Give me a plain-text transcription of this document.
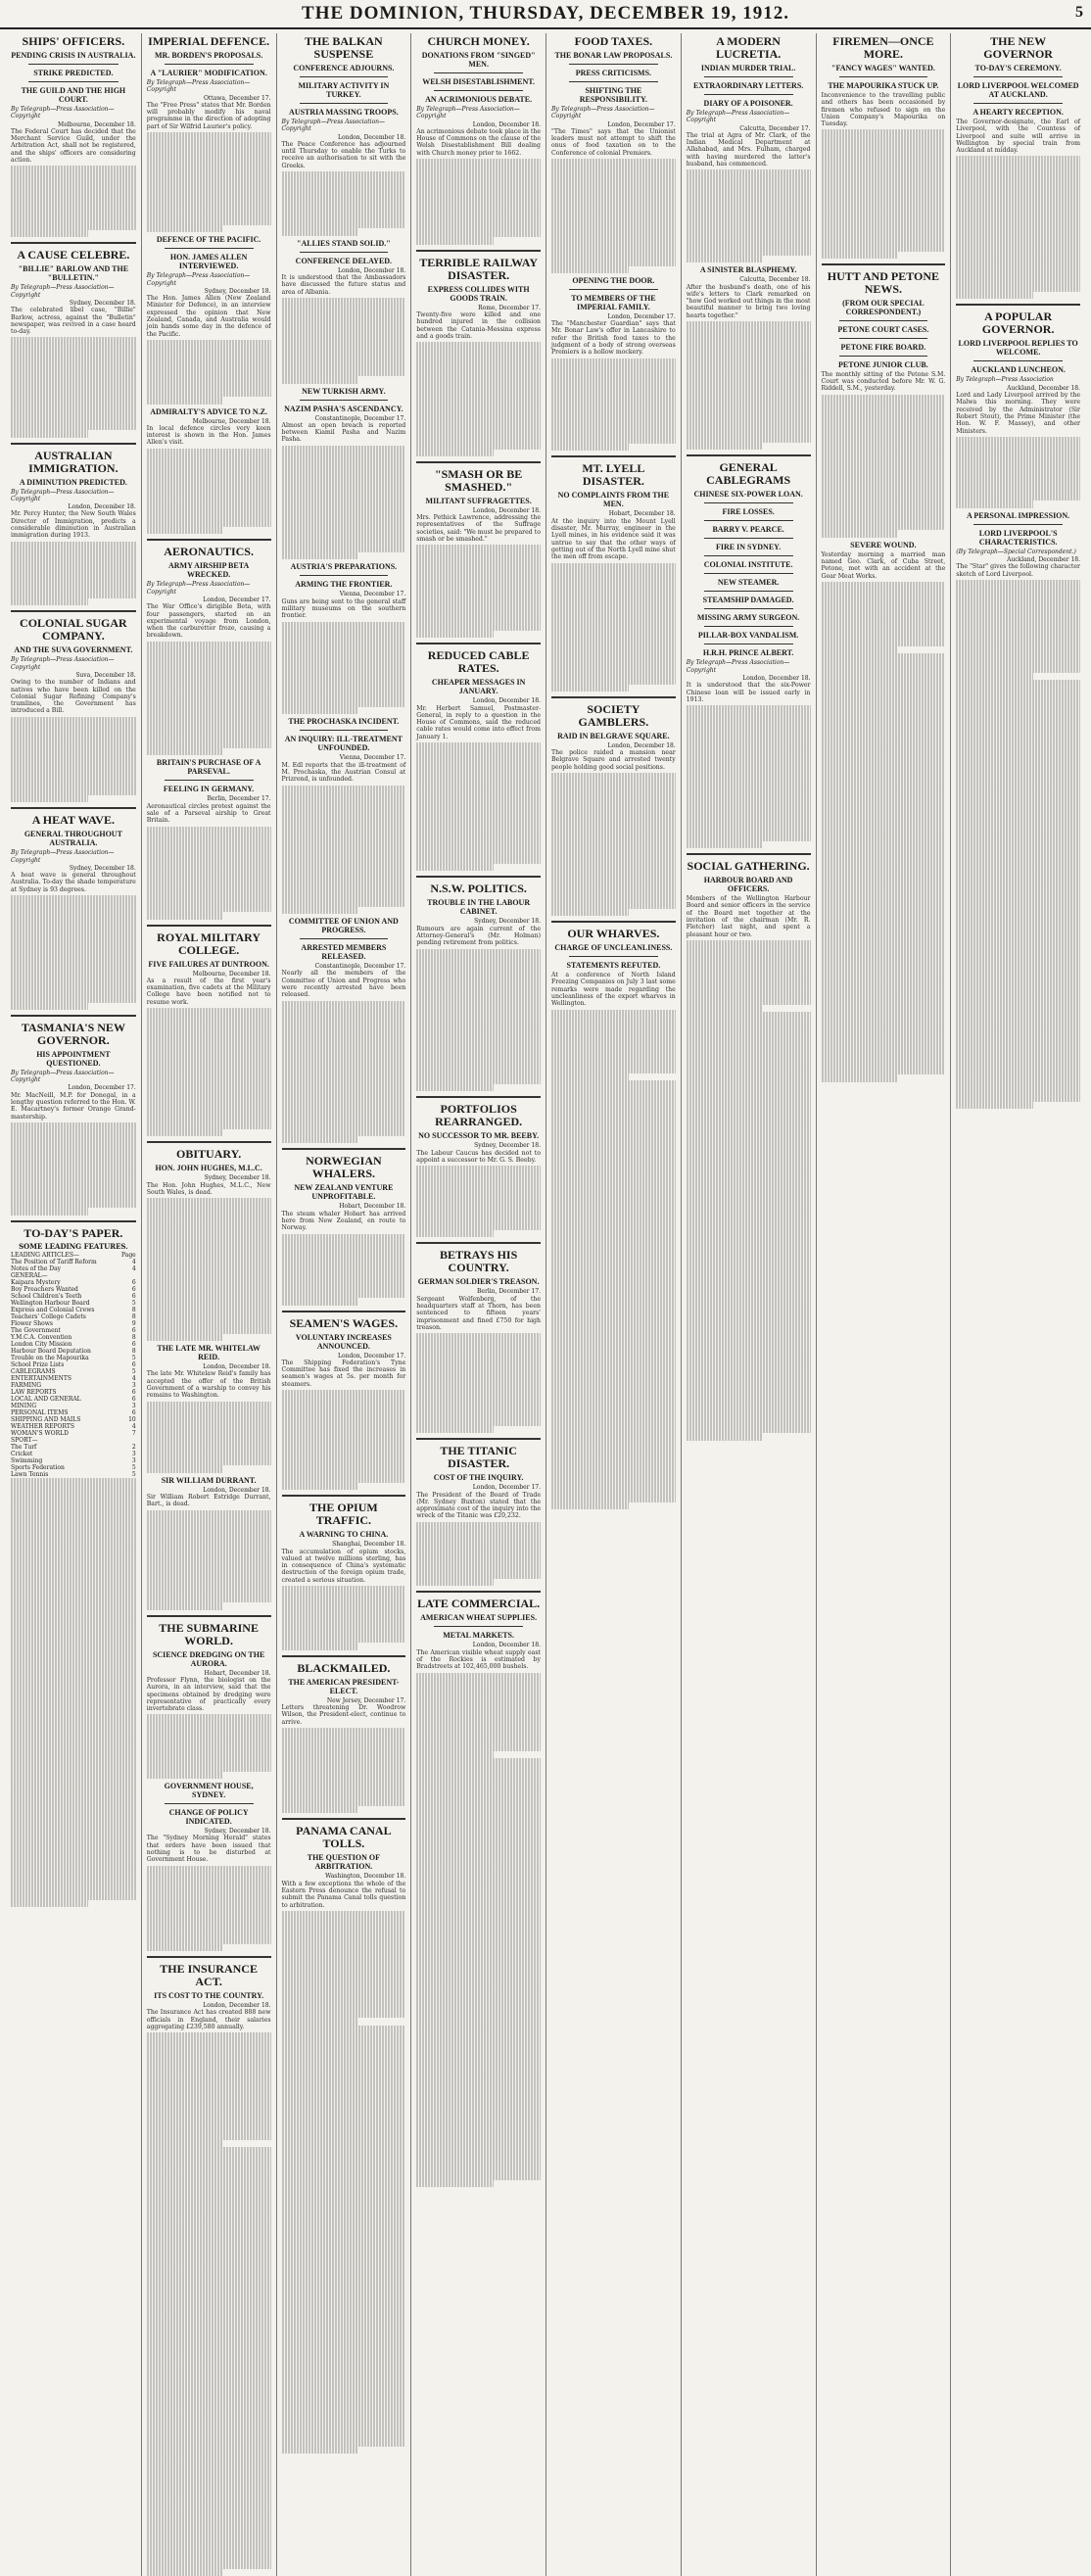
THE DOMINION, THURSDAY, DECEMBER 19, 1912.	5
SHIPS' OFFICERS.
PENDING CRISIS IN AUSTRALIA.
STRIKE PREDICTED.
THE GUILD AND THE HIGH COURT.
By Telegraph—Press Association—Copyright
Melbourne, December 18.

The Federal Court has decided that the Merchant Service Guild, under the Arbitration Act, shall not be registered, and the ships' officers are considering action.

A CAUSE CELEBRE.
"BILLIE" BARLOW AND THE "BULLETIN."
By Telegraph—Press Association—Copyright
Sydney, December 18.

The celebrated libel case, "Billie" Barlow, actress, against the "Bulletin" newspaper, was revived in a case heard to-day.

AUSTRALIAN IMMIGRATION.
A DIMINUTION PREDICTED.
By Telegraph—Press Association—Copyright
London, December 18.

Mr. Percy Hunter, the New South Wales Director of Immigration, predicts a considerable diminution in Australian immigration during 1913.

COLONIAL SUGAR COMPANY.
AND THE SUVA GOVERNMENT.
By Telegraph—Press Association—Copyright
Suva, December 18.

Owing to the number of Indians and natives who have been killed on the Colonial Sugar Refining Company's tramlines, the Government has introduced a Bill.

A HEAT WAVE.
GENERAL THROUGHOUT AUSTRALIA.
By Telegraph—Press Association—Copyright
Sydney, December 18.

A heat wave is general throughout Australia. To-day the shade temperature at Sydney is 93 degrees.

TASMANIA'S NEW GOVERNOR.
HIS APPOINTMENT QUESTIONED.
By Telegraph—Press Association—Copyright
London, December 17.

Mr. MacNeill, M.P. for Donegal, in a lengthy question referred to the Hon. W. E. Macartney's former Orange Grand-mastership.

TO-DAY'S PAPER.
SOME LEADING FEATURES.
LEADING ARTICLES—	Page
The Position of Tariff Reform	4
Notes of the Day	4
GENERAL—
Kaipara Mystery	6
Boy Preachers Wanted	6
School Children's Teeth	6
Wellington Harbour Board	5
Express and Colonial Crews	8
Teachers' College Cadets	8
Flower Shows	9
The Government	6
Y.M.C.A. Convention	8
London City Mission	6
Harbour Board Deputation	8
Trouble on the Mapourika	5
School Prize Lists	6
CABLEGRAMS	5
ENTERTAINMENTS	4
FARMING	3
LAW REPORTS	6
LOCAL AND GENERAL	6
MINING	3
PERSONAL ITEMS	6
SHIPPING AND MAILS	10
WEATHER REPORTS	4
WOMAN'S WORLD	7
SPORT—
The Turf	2
Cricket	3
Swimming	3
Sports Federation	5
Lawn Tennis	5
IMPERIAL DEFENCE.
MR. BORDEN'S PROPOSALS.
A "LAURIER" MODIFICATION.
By Telegraph—Press Association—Copyright
Ottawa, December 17.

The "Free Press" states that Mr. Borden will probably modify his naval programme in the direction of adopting part of Sir Wilfrid Laurier's policy.

DEFENCE OF THE PACIFIC.
HON. JAMES ALLEN INTERVIEWED.
By Telegraph—Press Association—Copyright
Sydney, December 18.

The Hon. James Allen (New Zealand Minister for Defence), in an interview expressed the opinion that New Zealand, Canada, and Australia would join hands some day in the defence of the Pacific.

ADMIRALTY'S ADVICE TO N.Z.
Melbourne, December 18.

In local defence circles very keen interest is shown in the Hon. James Allen's visit.

AERONAUTICS.
ARMY AIRSHIP BETA WRECKED.
By Telegraph—Press Association—Copyright
London, December 17.

The War Office's dirigible Beta, with four passengers, started on an experimental voyage from London, when the carburetter froze, causing a breakdown.

BRITAIN'S PURCHASE OF A PARSEVAL.
FEELING IN GERMANY.
Berlin, December 17.

Aeronautical circles protest against the sale of a Parseval airship to Great Britain.

ROYAL MILITARY COLLEGE.
FIVE FAILURES AT DUNTROON.
Melbourne, December 18.

As a result of the first year's examination, five cadets at the Military College have been notified not to resume work.

OBITUARY.
HON. JOHN HUGHES, M.L.C.
Sydney, December 18.

The Hon. John Hughes, M.L.C., New South Wales, is dead.

THE LATE MR. WHITELAW REID.
London, December 18.

The late Mr. Whitelaw Reid's family has accepted the offer of the British Government of a warship to convey his remains to Washington.

SIR WILLIAM DURRANT.
London, December 18.

Sir William Robert Estridge Durrant, Bart., is dead.

THE SUBMARINE WORLD.
SCIENCE DREDGING ON THE AURORA.
Hobart, December 18.

Professor Flynn, the biologist on the Aurora, in an interview, said that the specimens obtained by dredging were representative of practically every invertebrate class.

GOVERNMENT HOUSE, SYDNEY.
CHANGE OF POLICY INDICATED.
Sydney, December 18.

The "Sydney Morning Herald" states that orders have been issued that nothing is to be disturbed at Government House.

THE INSURANCE ACT.
ITS COST TO THE COUNTRY.
London, December 18.

The Insurance Act has created 888 new officials in England, their salaries aggregating £239,580 annually.

THE BALKAN SUSPENSE
CONFERENCE ADJOURNS.
MILITARY ACTIVITY IN TURKEY.
AUSTRIA MASSING TROOPS.
By Telegraph—Press Association—Copyright
London, December 18.

The Peace Conference has adjourned until Thursday to enable the Turks to receive an authorisation to sit with the Greeks.

"ALLIES STAND SOLID."
CONFERENCE DELAYED.
London, December 18.

It is understood that the Ambassadors have discussed the future status and area of Albania.

NEW TURKISH ARMY.
NAZIM PASHA'S ASCENDANCY.
Constantinople, December 17.

Almost an open breach is reported between Kiamil Pasha and Nazim Pasha.

AUSTRIA'S PREPARATIONS.
ARMING THE FRONTIER.
Vienna, December 17.

Guns are being sent to the general staff military museums on the southern frontier.

THE PROCHASKA INCIDENT.
AN INQUIRY: ILL-TREATMENT UNFOUNDED.
Vienna, December 17.

M. Edl reports that the ill-treatment of M. Prochaska, the Austrian Consul at Prizrend, is unfounded.

COMMITTEE OF UNION AND PROGRESS.
ARRESTED MEMBERS RELEASED.
Constantinople, December 17.

Nearly all the members of the Committee of Union and Progress who were recently arrested have been released.

NORWEGIAN WHALERS.
NEW ZEALAND VENTURE UNPROFITABLE.
Hobart, December 18.

The steam whaler Hobart has arrived here from New Zealand, en route to Norway.

SEAMEN'S WAGES.
VOLUNTARY INCREASES ANNOUNCED.
London, December 17.

The Shipping Federation's Tyne Committee has fixed the increases in seamen's wages at 5s. per month for steamers.

THE OPIUM TRAFFIC.
A WARNING TO CHINA.
Shanghai, December 18.

The accumulation of opium stocks, valued at twelve millions sterling, has in consequence of China's systematic destruction of the foreign opium trade, created a serious situation.

BLACKMAILED.
THE AMERICAN PRESIDENT-ELECT.
New Jersey, December 17.

Letters threatening Dr. Woodrow Wilson, the President-elect, continue to arrive.

PANAMA CANAL TOLLS.
THE QUESTION OF ARBITRATION.
Washington, December 18.

With a few exceptions the whole of the Eastern Press denounce the refusal to submit the Panama Canal tolls question to arbitration.

CHURCH MONEY.
DONATIONS FROM "SINGED" MEN.
WELSH DISESTABLISHMENT.
AN ACRIMONIOUS DEBATE.
By Telegraph—Press Association—Copyright
London, December 18.

An acrimonious debate took place in the House of Commons on the clause of the Welsh Disestablishment Bill dealing with Church money prior to 1662.

TERRIBLE RAILWAY DISASTER.
EXPRESS COLLIDES WITH GOODS TRAIN.
Rome, December 17.

Twenty-five were killed and one hundred injured in the collision between the Catania-Messina express and a goods train.

"SMASH OR BE SMASHED."
MILITANT SUFFRAGETTES.
London, December 18.

Mrs. Pethick Lawrence, addressing the representatives of the Suffrage societies, said: "We must be prepared to smash or be smashed."

REDUCED CABLE RATES.
CHEAPER MESSAGES IN JANUARY.
London, December 18.

Mr. Herbert Samuel, Postmaster-General, in reply to a question in the House of Commons, said the reduced cable rates would come into effect from January 1.

N.S.W. POLITICS.
TROUBLE IN THE LABOUR CABINET.
Sydney, December 18.

Rumours are again current of the Attorney-General's (Mr. Holman) pending retirement from politics.

PORTFOLIOS REARRANGED.
NO SUCCESSOR TO MR. BEEBY.
Sydney, December 18.

The Labour Caucus has decided not to appoint a successor to Mr. G. S. Beeby.

BETRAYS HIS COUNTRY.
GERMAN SOLDIER'S TREASON.
Berlin, December 17.

Sergeant Wolfenberg, of the headquarters staff at Thorn, has been sentenced to fifteen years' imprisonment and fined £750 for high treason.

THE TITANIC DISASTER.
COST OF THE INQUIRY.
London, December 17.

The President of the Board of Trade (Mr. Sydney Buxton) stated that the approximate cost of the inquiry into the wreck of the Titanic was £20,232.

LATE COMMERCIAL.
AMERICAN WHEAT SUPPLIES.
METAL MARKETS.
London, December 18.

The American visible wheat supply east of the Rockies is estimated by Bradstreets at 102,465,000 bushels.

FOOD TAXES.
THE BONAR LAW PROPOSALS.
PRESS CRITICISMS.
SHIFTING THE RESPONSIBILITY.
By Telegraph—Press Association—Copyright
London, December 17.

"The Times" says that the Unionist leaders must not attempt to shift the onus of food taxation on to the Conference of colonial Premiers.

OPENING THE DOOR.
TO MEMBERS OF THE IMPERIAL FAMILY.
London, December 17.

The "Manchester Guardian" says that Mr. Bonar Law's offer in Lancashire to refer the British food taxes to the judgment of a body of strong overseas Premiers is a hollow mockery.

MT. LYELL DISASTER.
NO COMPLAINTS FROM THE MEN.
Hobart, December 18.

At the inquiry into the Mount Lyell disaster, Mr. Murray, engineer in the Lyell mines, in his evidence said it was untrue to say that the other ways of getting out of the North Lyell mine shut the men off from escape.

SOCIETY GAMBLERS.
RAID IN BELGRAVE SQUARE.
London, December 18.

The police raided a mansion near Belgrave Square and arrested twenty people holding good social positions.

OUR WHARVES.
CHARGE OF UNCLEANLINESS.
STATEMENTS REFUTED.

At a conference of North Island Freezing Companies on July 3 last some remarks were made regarding the uncleanliness of the export wharves in Wellington.

A MODERN LUCRETIA.
INDIAN MURDER TRIAL.
EXTRAORDINARY LETTERS.
DIARY OF A POISONER.
By Telegraph—Press Association—Copyright
Calcutta, December 17.

The trial at Agra of Mr. Clark, of the Indian Medical Department at Allahabad, and Mrs. Fulham, charged with having murdered the latter's husband, has commenced.

A SINISTER BLASPHEMY.
Calcutta, December 18.

After the husband's death, one of his wife's letters to Clark remarked on "how God worked out things in the most beautiful manner to bring two loving hearts together."

GENERAL CABLEGRAMS
CHINESE SIX-POWER LOAN.
FIRE LOSSES.
BARRY V. PEARCE.
FIRE IN SYDNEY.
COLONIAL INSTITUTE.
NEW STEAMER.
STEAMSHIP DAMAGED.
MISSING ARMY SURGEON.
PILLAR-BOX VANDALISM.
H.R.H. PRINCE ALBERT.
By Telegraph—Press Association—Copyright
London, December 18.

It is understood that the six-Power Chinese loan will be issued early in 1913.

SOCIAL GATHERING.
HARBOUR BOARD AND OFFICERS.

Members of the Wellington Harbour Board and senior officers in the service of the Board met together at the invitation of the chairman (Mr. R. Fletcher) last night, and spent a pleasant hour or two.

FIREMEN—ONCE MORE.
"FANCY WAGES" WANTED.
THE MAPOURIKA STUCK UP.

Inconvenience to the travelling public and others has been occasioned by firemen who refused to sign on the Union Company's Mapourika on Tuesday.

HUTT AND PETONE NEWS.
(FROM OUR SPECIAL CORRESPONDENT.)
PETONE COURT CASES.
PETONE FIRE BOARD.
PETONE JUNIOR CLUB.

The monthly sitting of the Petone S.M. Court was conducted before Mr. W. G. Riddell, S.M., yesterday.

SEVERE WOUND.

Yesterday morning a married man named Geo. Clark, of Cuba Street, Petone, met with an accident at the Gear Meat Works.

THE NEW GOVERNOR
TO-DAY'S CEREMONY.
LORD LIVERPOOL WELCOMED AT AUCKLAND.
A HEARTY RECEPTION.

The Governor-designate, the Earl of Liverpool, with the Countess of Liverpool and suite will arrive in Wellington by special train from Auckland at midday.

A POPULAR GOVERNOR.
LORD LIVERPOOL REPLIES TO WELCOME.
AUCKLAND LUNCHEON.
By Telegraph—Press Association
Auckland, December 18.

Lord and Lady Liverpool arrived by the Malwa this morning. They were received by the Administrator (Sir Robert Stout), the Prime Minister (the Hon. W. F. Massey), and other Ministers.

A PERSONAL IMPRESSION.
LORD LIVERPOOL'S CHARACTERISTICS.
(By Telegraph—Special Correspondent.)
Auckland, December 18.

The "Star" gives the following character sketch of Lord Liverpool.
